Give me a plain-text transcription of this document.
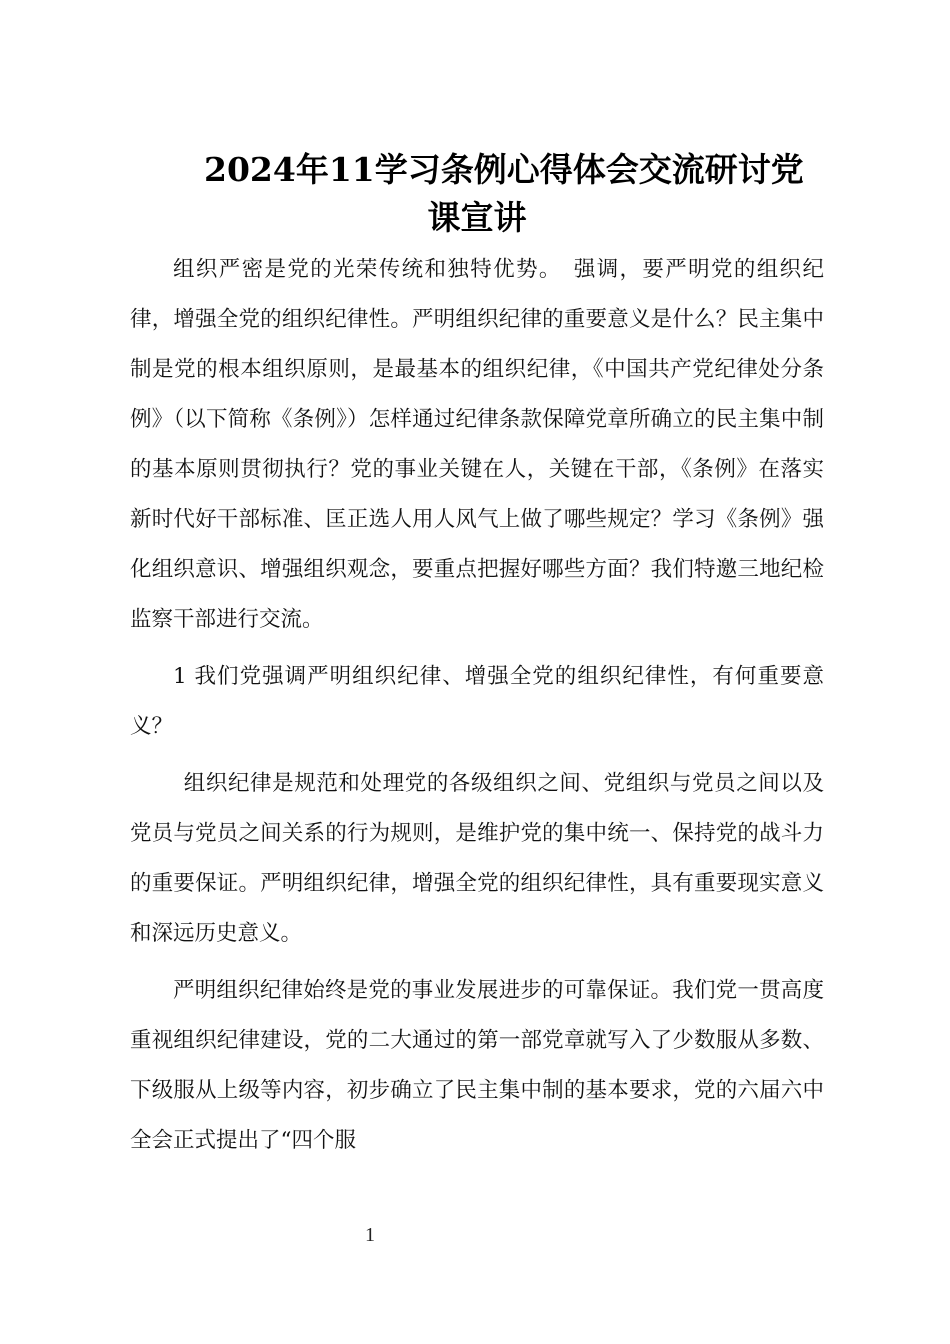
2024年11学习条例心得体会交流研讨党
课宣讲

组织严密是党的光荣传统和独特优势。　强调，要严明党的组织纪律，增强全党的组织纪律性。严明组织纪律的重要意义是什么？民主集中制是党的根本组织原则，是最基本的组织纪律，《中国共产党纪律处分条例》（以下简称《条例》）怎样通过纪律条款保障党章所确立的民主集中制的基本原则贯彻执行？党的事业关键在人，关键在干部，《条例》在落实新时代好干部标准、匡正选人用人风气上做了哪些规定？学习《条例》强化组织意识、增强组织观念，要重点把握好哪些方面？我们特邀三地纪检监察干部进行交流。

1 我们党强调严明组织纪律、增强全党的组织纪律性，有何重要意义？

组织纪律是规范和处理党的各级组织之间、党组织与党员之间以及党员与党员之间关系的行为规则，是维护党的集中统一、保持党的战斗力的重要保证。严明组织纪律，增强全党的组织纪律性，具有重要现实意义和深远历史意义。

严明组织纪律始终是党的事业发展进步的可靠保证。我们党一贯高度重视组织纪律建设，党的二大通过的第一部党章就写入了少数服从多数、下级服从上级等内容，初步确立了民主集中制的基本要求，党的六届六中全会正式提出了“四个服

1
